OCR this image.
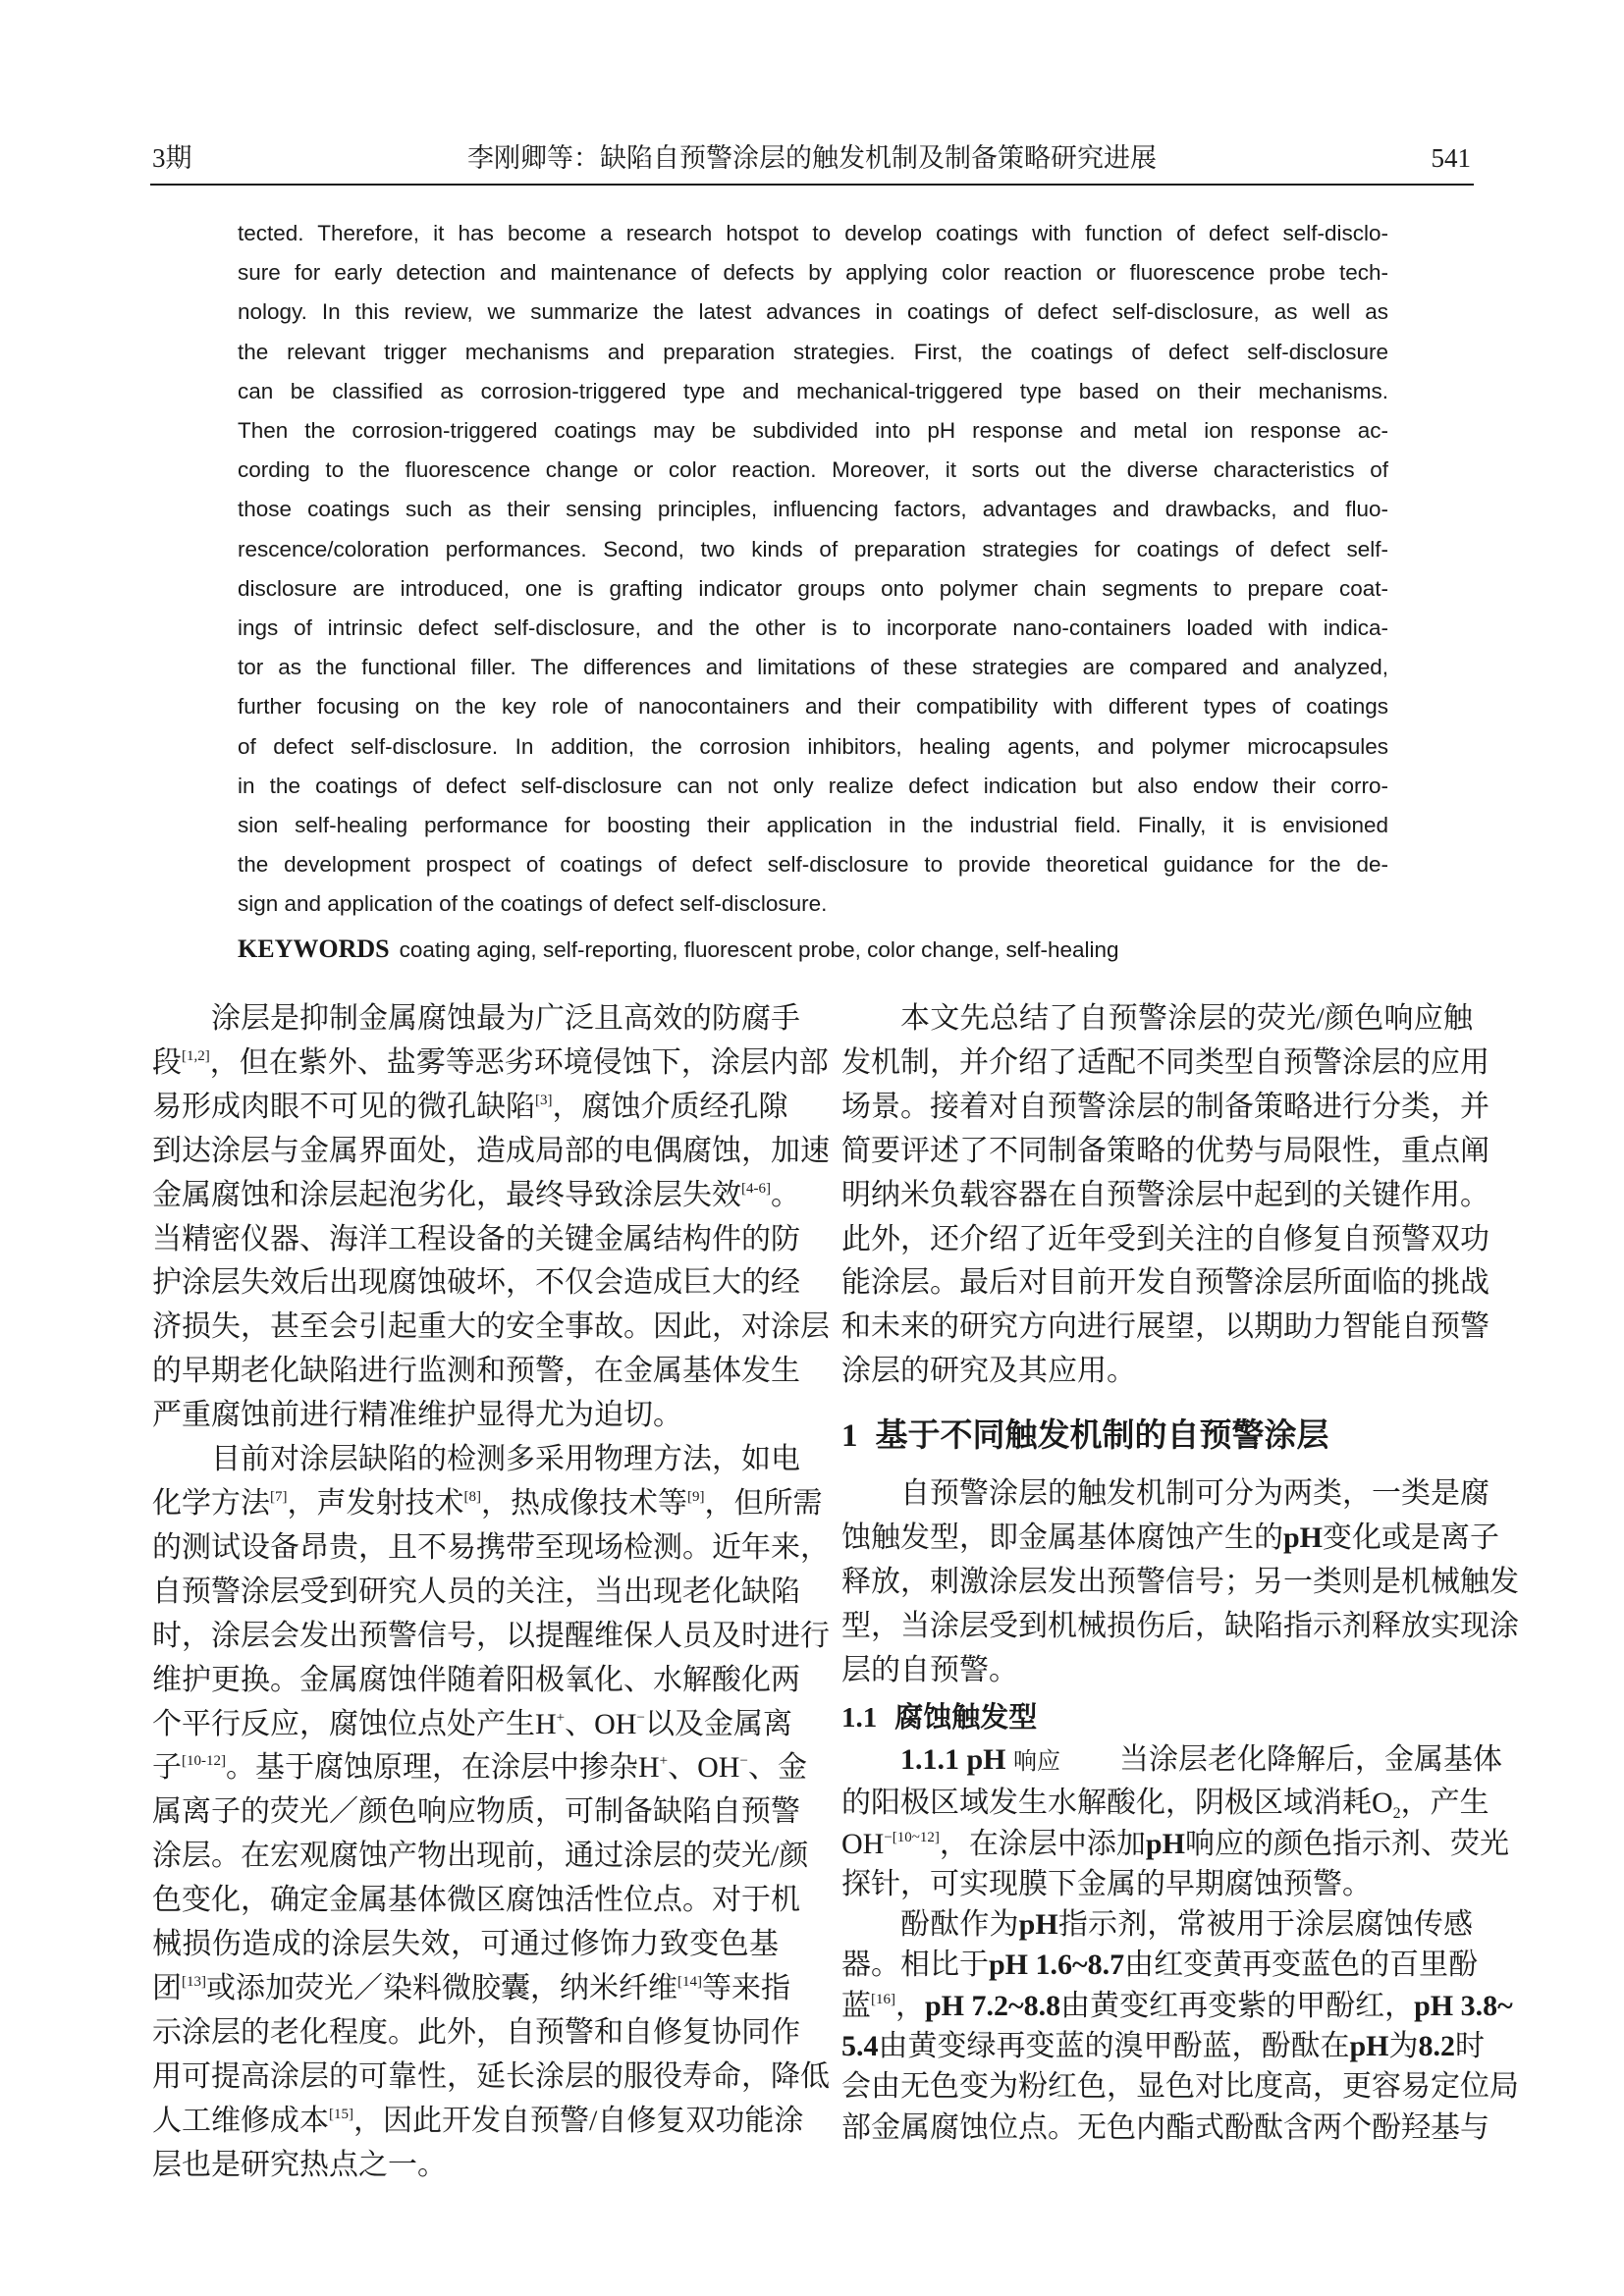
3期	李刚卿等：缺陷自预警涂层的触发机制及制备策略研究进展	541
tected. Therefore, it has become a research hotspot to develop coatings with function of defect self-disclo-
sure for early detection and maintenance of defects by applying color reaction or fluorescence probe tech-
nology. In this review, we summarize the latest advances in coatings of defect self-disclosure, as well as
the relevant trigger mechanisms and preparation strategies. First, the coatings of defect self-disclosure
can be classified as corrosion-triggered type and mechanical-triggered type based on their mechanisms.
Then the corrosion-triggered coatings may be subdivided into pH response and metal ion response ac-
cording to the fluorescence change or color reaction. Moreover, it sorts out the diverse characteristics of
those coatings such as their sensing principles, influencing factors, advantages and drawbacks, and fluo-
rescence/coloration performances. Second, two kinds of preparation strategies for coatings of defect self-
disclosure are introduced, one is grafting indicator groups onto polymer chain segments to prepare coat-
ings of intrinsic defect self-disclosure, and the other is to incorporate nano-containers loaded with indica-
tor as the functional filler. The differences and limitations of these strategies are compared and analyzed,
further focusing on the key role of nanocontainers and their compatibility with different types of coatings
of defect self-disclosure. In addition, the corrosion inhibitors, healing agents, and polymer microcapsules
in the coatings of defect self-disclosure can not only realize defect indication but also endow their corro-
sion self-healing performance for boosting their application in the industrial field. Finally, it is envisioned
the development prospect of coatings of defect self-disclosure to provide theoretical guidance for the de-
sign and application of the coatings of defect self-disclosure.
KEYWORDS coating aging, self-reporting, fluorescent probe, color change, self-healing
涂层是抑制金属腐蚀最为广泛且高效的防腐手
段[1,2]，但在紫外、盐雾等恶劣环境侵蚀下，涂层内部
易形成肉眼不可见的微孔缺陷[3]，腐蚀介质经孔隙
到达涂层与金属界面处，造成局部的电偶腐蚀，加速
金属腐蚀和涂层起泡劣化，最终导致涂层失效[4-6]。
当精密仪器、海洋工程设备的关键金属结构件的防
护涂层失效后出现腐蚀破坏，不仅会造成巨大的经
济损失，甚至会引起重大的安全事故。因此，对涂层
的早期老化缺陷进行监测和预警，在金属基体发生
严重腐蚀前进行精准维护显得尤为迫切。
目前对涂层缺陷的检测多采用物理方法，如电
化学方法[7]，声发射技术[8]，热成像技术等[9]，但所需
的测试设备昂贵，且不易携带至现场检测。近年来，
自预警涂层受到研究人员的关注，当出现老化缺陷
时，涂层会发出预警信号，以提醒维保人员及时进行
维护更换。金属腐蚀伴随着阳极氧化、水解酸化两
个平行反应，腐蚀位点处产生H+、OH−以及金属离
子[10-12]。基于腐蚀原理，在涂层中掺杂H+、OH−、金
属离子的荧光／颜色响应物质，可制备缺陷自预警
涂层。在宏观腐蚀产物出现前，通过涂层的荧光/颜
色变化，确定金属基体微区腐蚀活性位点。对于机
械损伤造成的涂层失效，可通过修饰力致变色基
团[13]或添加荧光／染料微胶囊，纳米纤维[14]等来指
示涂层的老化程度。此外，自预警和自修复协同作
用可提高涂层的可靠性，延长涂层的服役寿命，降低
人工维修成本[15]，因此开发自预警/自修复双功能涂
层也是研究热点之一。
本文先总结了自预警涂层的荧光/颜色响应触
发机制，并介绍了适配不同类型自预警涂层的应用
场景。接着对自预警涂层的制备策略进行分类，并
简要评述了不同制备策略的优势与局限性，重点阐
明纳米负载容器在自预警涂层中起到的关键作用。
此外，还介绍了近年受到关注的自修复自预警双功
能涂层。最后对目前开发自预警涂层所面临的挑战
和未来的研究方向进行展望，以期助力智能自预警
涂层的研究及其应用。
1 基于不同触发机制的自预警涂层
自预警涂层的触发机制可分为两类，一类是腐
蚀触发型，即金属基体腐蚀产生的pH变化或是离子
释放，刺激涂层发出预警信号；另一类则是机械触发
型，当涂层受到机械损伤后，缺陷指示剂释放实现涂
层的自预警。
1.1 腐蚀触发型
1.1.1 pH 响应　　当涂层老化降解后，金属基体
的阳极区域发生水解酸化，阴极区域消耗$O_2$，产生
OH$^{-[10\sim 12]}$，在涂层中添加pH响应的颜色指示剂、荧光
探针，可实现膜下金属的早期腐蚀预警。
酚酞作为pH指示剂，常被用于涂层腐蚀传感
器。相比于pH 1.6~8.7由红变黄再变蓝色的百里酚
蓝[16]，pH 7.2~8.8由黄变红再变紫的甲酚红，pH 3.8~
5.4由黄变绿再变蓝的溴甲酚蓝，酚酞在pH为8.2时
会由无色变为粉红色，显色对比度高，更容易定位局
部金属腐蚀位点。无色内酯式酚酞含两个酚羟基与
